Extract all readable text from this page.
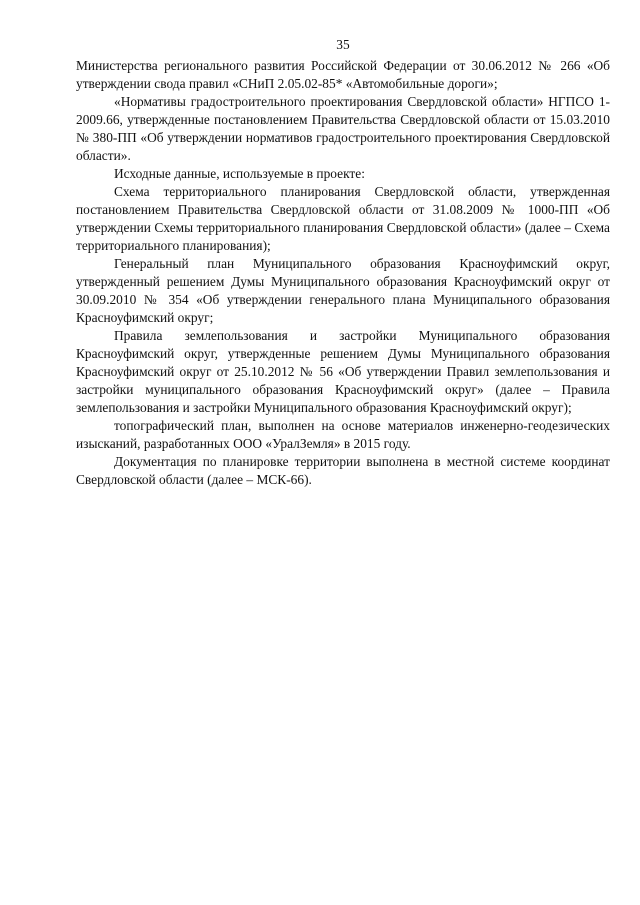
35

Министерства регионального развития Российской Федерации от 30.06.2012 № 266 «Об утверждении свода правил «СНиП 2.05.02-85* «Автомобильные дороги»;

«Нормативы градостроительного проектирования Свердловской области» НГПСО 1-2009.66, утвержденные постановлением Правительства Свердловской области от 15.03.2010 № 380-ПП «Об утверждении нормативов градостроительного проектирования Свердловской области».

Исходные данные, используемые в проекте:

Схема территориального планирования Свердловской области, утвержденная постановлением Правительства Свердловской области от 31.08.2009 № 1000-ПП «Об утверждении Схемы территориального планирования Свердловской области» (далее – Схема территориального планирования);

Генеральный план Муниципального образования Красноуфимский округ, утвержденный решением Думы Муниципального образования Красноуфимский округ от 30.09.2010 № 354 «Об утверждении генерального плана Муниципального образования Красноуфимский округ;

Правила землепользования и застройки Муниципального образования Красноуфимский округ, утвержденные решением Думы Муниципального образования Красноуфимский округ от 25.10.2012 № 56 «Об утверждении Правил землепользования и застройки муниципального образования Красноуфимский округ» (далее – Правила землепользования и застройки Муниципального образования Красноуфимский округ);

топографический план, выполнен на основе материалов инженерно-геодезических изысканий, разработанных ООО «УралЗемля» в 2015 году.

Документация по планировке территории выполнена в местной системе координат Свердловской области (далее – МСК-66).
